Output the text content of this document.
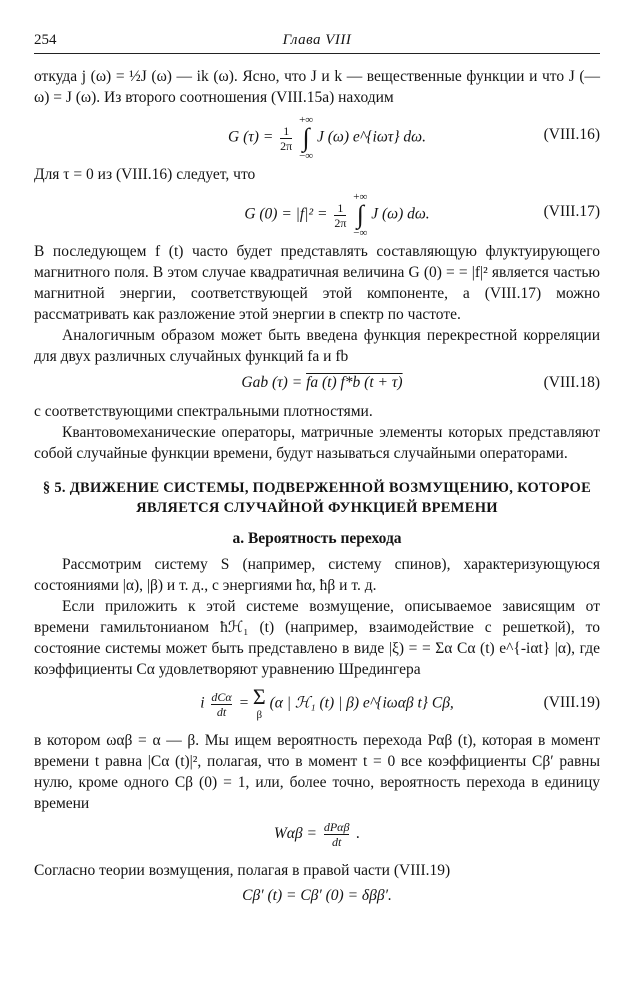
254	Глава VIII

откуда j (ω) = ½J (ω) — ik (ω). Ясно, что J и k — вещественные функции и что J (— ω) = J (ω). Из второго соотношения (VIII.15а) находим

G $(\tau) = \frac{1}{2\pi}$

+∞
∫
−∞
J (ω) e^{iωτ} dω.	(VIII.16)

Для τ = 0 из (VIII.16) следует, что

G $(0) = |f|^2 = \frac{1}{2\pi}$

+∞
∫
−∞
J (ω) dω.	(VIII.17)

В последующем f (t) часто будет представлять составляющую флуктуирующего магнитного поля. В этом случае квадратичная величина G (0) = = |f|² является частью магнитной энергии, соответствующей этой компоненте, а (VIII.17) можно рассматривать как разложение этой энергии в спектр по частоте.

Аналогичным образом может быть введена функция перекрестной корреляции для двух различных случайных функций fa и fb

Gab (τ) = fa (t) f*b (t + τ)	(VIII.18)

с соответствующими спектральными плотностями.

Квантовомеханические операторы, матричные элементы которых представляют собой случайные функции времени, будут называться случайными операторами.

§ 5. ДВИЖЕНИЕ СИСТЕМЫ, ПОДВЕРЖЕННОЙ ВОЗМУЩЕНИЮ, КОТОРОЕ ЯВЛЯЕТСЯ СЛУЧАЙНОЙ ФУНКЦИЕЙ ВРЕМЕНИ
а. Вероятность перехода

Рассмотрим систему S (например, систему спинов), характеризующуюся состояниями |α), |β) и т. д., с энергиями ħα, ħβ и т. д.

Если приложить к этой системе возмущение, описываемое зависящим от времени гамильтонианом ħℋ₁ (t) (например, взаимодействие с решеткой), то состояние системы может быть представлено в виде |ξ) = = Σα Cα (t) e^{-iαt} |α), где коэффициенты Cα удовлетворяют уравнению Шредингера

i dCα
dt = Σ
β
(α | ℋ₁ (t) | β) e^{iωαβ t} Cβ,	(VIII.19)

в котором ωαβ = α — β. Мы ищем вероятность перехода Pαβ (t), которая в момент времени t равна |Cα (t)|², полагая, что в момент t = 0 все коэффициенты Cβ′ равны нулю, кроме одного Cβ (0) = 1, или, более точно, вероятность перехода в единицу времени

Wαβ = dPαβ
dt .

Согласно теории возмущения, полагая в правой части (VIII.19)

Cβ′ (t) = Cβ′ (0) = δββ′.
